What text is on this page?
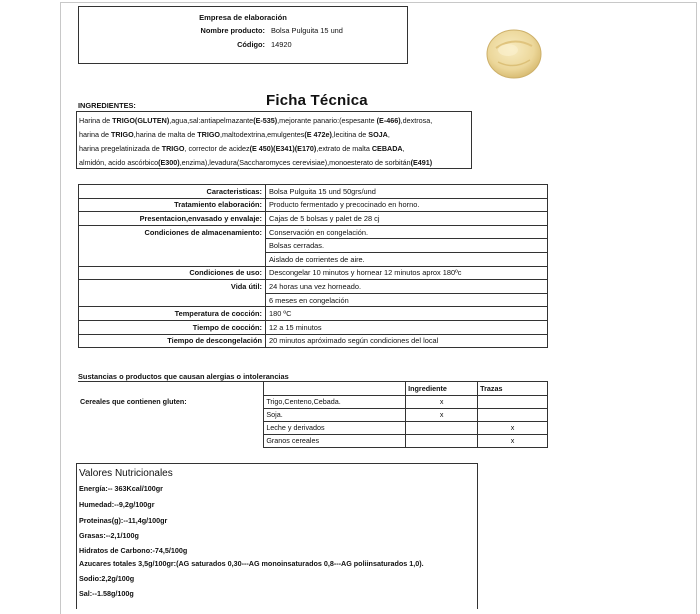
Empresa de elaboración
Nombre producto: Bolsa Pulguita 15 und
Código: 14920
Ficha Técnica
INGREDIENTES:
Harina de TRIGO(GLUTEN),agua,sal:antiapelmazante(E-535),mejorante panario:(espesante (E-466),dextrosa,
harina de TRIGO,harina de malta de TRIGO,maltodextrina,emulgentes(E 472e),lecitina de SOJA,
harina pregelatinizada de TRIGO, corrector de acidez(E 450)(E341)(E170),extrato de malta CEBADA,
almidón, acido ascórbico(E300),enzima),levadura(Saccharomyces cerevisiae),monoesterato de sorbitán(E491)
Caracteristicas:	Bolsa Pulguita 15 und 50grs/und
Tratamiento elaboración:	Producto fermentado y precocinado en horno.
Presentacion,envasado y envalaje:	Cajas de 5 bolsas y palet de 28 cj
Condiciones de almacenamiento:	Conservación en congelación.
	Bolsas cerradas.
	Aislado de corrientes de aire.
Condiciones de uso:	Descongelar 10 minutos y hornear 12 minutos aprox 180ºc
Vida útil:	24 horas una vez horneado.
	6 meses en congelación
Temperatura de cocción:	180 ºC
Tiempo de cocción:	12 a 15 minutos
Tiempo de descongelación	20 minutos apróximado según condiciones del local
Sustancias o productos que causan alergias o intolerancias
		Ingrediente	Trazas
Cereales que contienen gluten:	Trigo,Centeno,Cebada.	x	
	Soja.	x	
	Leche y derivados		x
	Granos cereales		x
Valores Nutricionales
Energía:-- 363Kcal/100gr
Humedad:--9,2g/100gr
Proteinas(g):--11,4g/100gr
Grasas:--2,1/100g
Hidratos de Carbono:-74,5/100g
Azucares totales 3,5g/100gr:(AG saturados 0,30---AG monoinsaturados 0,8---AG poliinsaturados 1,0).
Sodio:2,2g/100g
Sal:--1.58g/100g
